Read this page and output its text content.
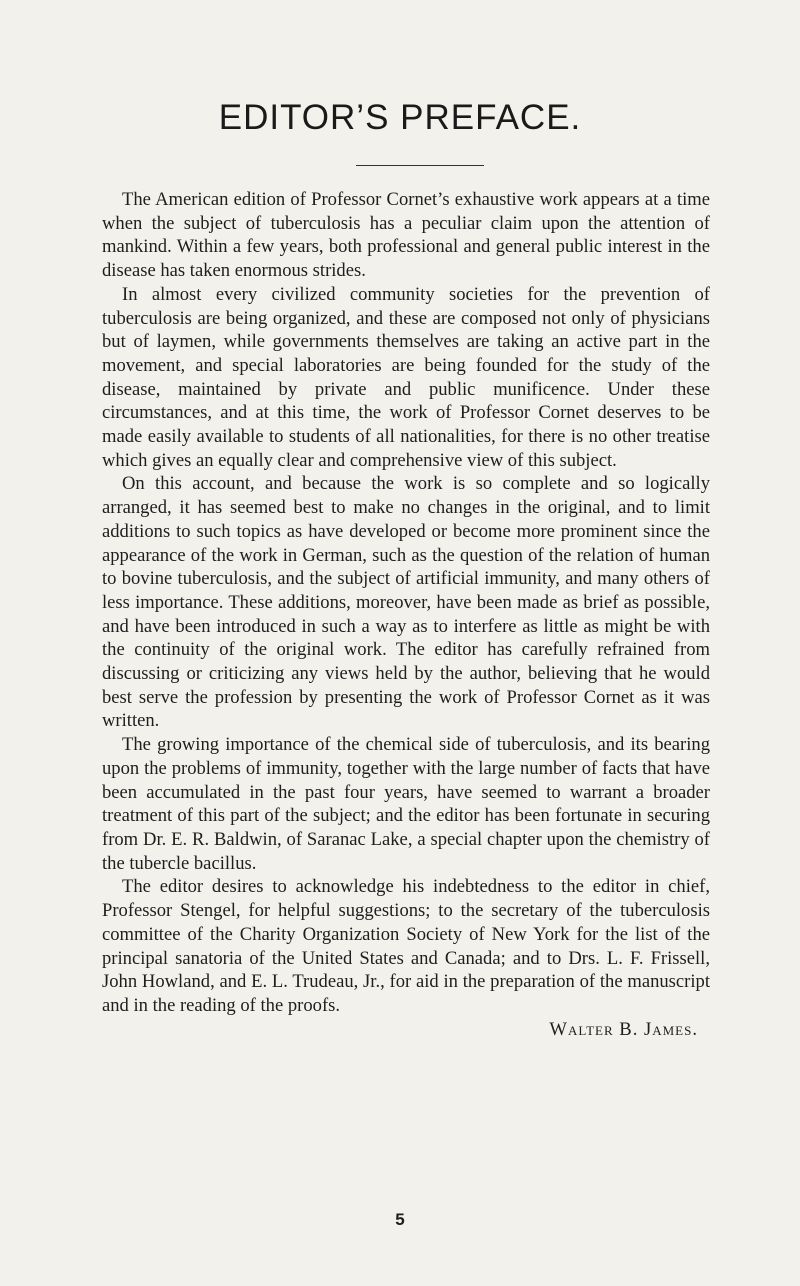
EDITOR’S PREFACE.

The American edition of Professor Cornet’s exhaustive work appears at a time when the subject of tuberculosis has a peculiar claim upon the attention of mankind. Within a few years, both professional and general public interest in the disease has taken enormous strides.

In almost every civilized community societies for the prevention of tuberculosis are being organized, and these are composed not only of physicians but of laymen, while governments themselves are taking an active part in the movement, and special laboratories are being founded for the study of the disease, maintained by private and public munificence. Under these circumstances, and at this time, the work of Professor Cornet deserves to be made easily available to students of all nationalities, for there is no other treatise which gives an equally clear and comprehensive view of this subject.

On this account, and because the work is so complete and so logically arranged, it has seemed best to make no changes in the original, and to limit additions to such topics as have developed or become more prominent since the appearance of the work in German, such as the question of the relation of human to bovine tuberculosis, and the subject of artificial immunity, and many others of less importance. These additions, moreover, have been made as brief as possible, and have been introduced in such a way as to interfere as little as might be with the continuity of the original work. The editor has carefully refrained from discussing or criticizing any views held by the author, believing that he would best serve the profession by presenting the work of Professor Cornet as it was written.

The growing importance of the chemical side of tuberculosis, and its bearing upon the problems of immunity, together with the large number of facts that have been accumulated in the past four years, have seemed to warrant a broader treatment of this part of the subject; and the editor has been fortunate in securing from Dr. E. R. Baldwin, of Saranac Lake, a special chapter upon the chemistry of the tubercle bacillus.

The editor desires to acknowledge his indebtedness to the editor in chief, Professor Stengel, for helpful suggestions; to the secretary of the tuberculosis committee of the Charity Organization Society of New York for the list of the principal sanatoria of the United States and Canada; and to Drs. L. F. Frissell, John Howland, and E. L. Trudeau, Jr., for aid in the preparation of the manuscript and in the reading of the proofs.

Walter B. James.

5
